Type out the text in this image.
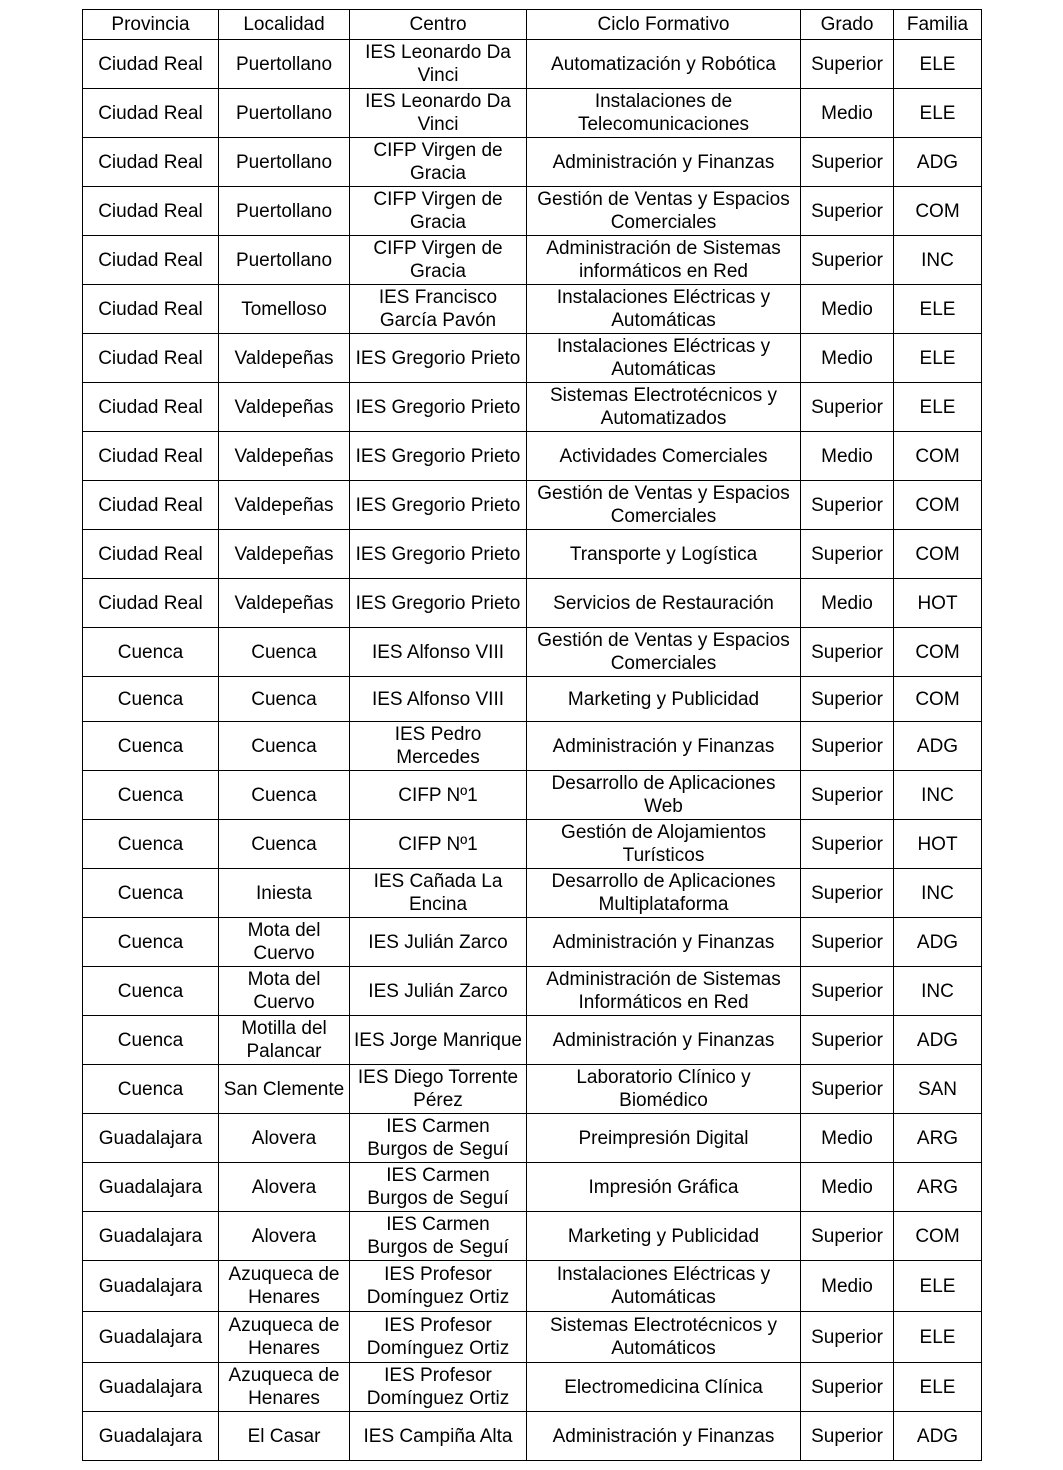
Provincia	Localidad	Centro	Ciclo Formativo	Grado	Familia
Ciudad Real	Puertollano	IES Leonardo Da Vinci	Automatización y Robótica	Superior	ELE
Ciudad Real	Puertollano	IES Leonardo Da Vinci	Instalaciones de Telecomunicaciones	Medio	ELE
Ciudad Real	Puertollano	CIFP Virgen de Gracia	Administración y Finanzas	Superior	ADG
Ciudad Real	Puertollano	CIFP Virgen de Gracia	Gestión de Ventas y Espacios Comerciales	Superior	COM
Ciudad Real	Puertollano	CIFP Virgen de Gracia	Administración de Sistemas informáticos en Red	Superior	INC
Ciudad Real	Tomelloso	IES Francisco García Pavón	Instalaciones Eléctricas y Automáticas	Medio	ELE
Ciudad Real	Valdepeñas	IES Gregorio Prieto	Instalaciones Eléctricas y Automáticas	Medio	ELE
Ciudad Real	Valdepeñas	IES Gregorio Prieto	Sistemas Electrotécnicos y Automatizados	Superior	ELE
Ciudad Real	Valdepeñas	IES Gregorio Prieto	Actividades Comerciales	Medio	COM
Ciudad Real	Valdepeñas	IES Gregorio Prieto	Gestión de Ventas y Espacios Comerciales	Superior	COM
Ciudad Real	Valdepeñas	IES Gregorio Prieto	Transporte y Logística	Superior	COM
Ciudad Real	Valdepeñas	IES Gregorio Prieto	Servicios de Restauración	Medio	HOT
Cuenca	Cuenca	IES Alfonso VIII	Gestión de Ventas y Espacios Comerciales	Superior	COM
Cuenca	Cuenca	IES Alfonso VIII	Marketing y Publicidad	Superior	COM
Cuenca	Cuenca	IES Pedro Mercedes	Administración y Finanzas	Superior	ADG
Cuenca	Cuenca	CIFP Nº1	Desarrollo de Aplicaciones Web	Superior	INC
Cuenca	Cuenca	CIFP Nº1	Gestión de Alojamientos Turísticos	Superior	HOT
Cuenca	Iniesta	IES Cañada La Encina	Desarrollo de Aplicaciones Multiplataforma	Superior	INC
Cuenca	Mota del Cuervo	IES Julián Zarco	Administración y Finanzas	Superior	ADG
Cuenca	Mota del Cuervo	IES Julián Zarco	Administración de Sistemas Informáticos en Red	Superior	INC
Cuenca	Motilla del Palancar	IES Jorge Manrique	Administración y Finanzas	Superior	ADG
Cuenca	San Clemente	IES Diego Torrente Pérez	Laboratorio Clínico y Biomédico	Superior	SAN
Guadalajara	Alovera	IES Carmen Burgos de Seguí	Preimpresión Digital	Medio	ARG
Guadalajara	Alovera	IES Carmen Burgos de Seguí	Impresión Gráfica	Medio	ARG
Guadalajara	Alovera	IES Carmen Burgos de Seguí	Marketing y Publicidad	Superior	COM
Guadalajara	Azuqueca de Henares	IES Profesor Domínguez Ortiz	Instalaciones Eléctricas y Automáticas	Medio	ELE
Guadalajara	Azuqueca de Henares	IES Profesor Domínguez Ortiz	Sistemas Electrotécnicos y Automáticos	Superior	ELE
Guadalajara	Azuqueca de Henares	IES Profesor Domínguez Ortiz	Electromedicina Clínica	Superior	ELE
Guadalajara	El Casar	IES Campiña Alta	Administración y Finanzas	Superior	ADG
